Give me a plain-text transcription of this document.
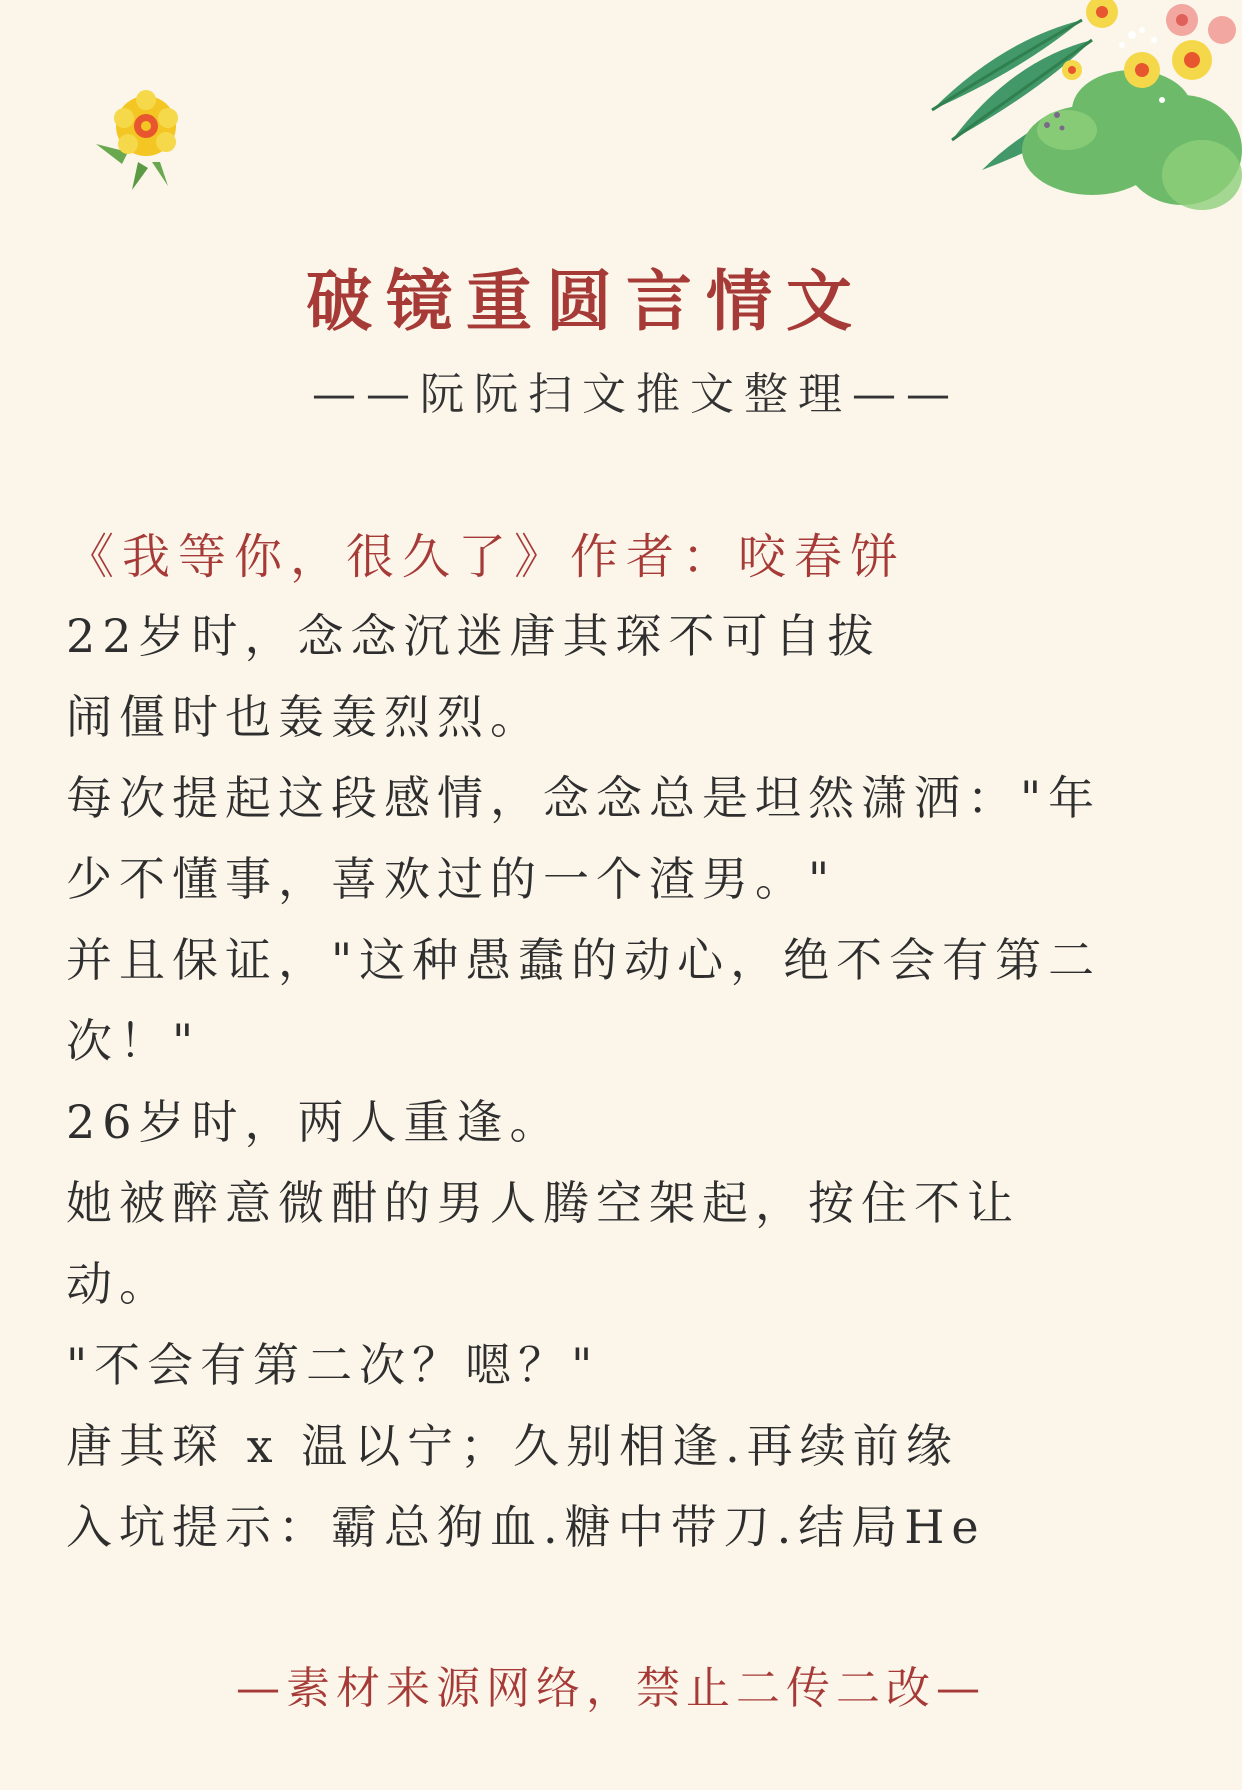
破镜重圆言情文
——阮阮扫文推文整理——
《我等你，很久了》作者：咬春饼
22岁时，念念沉迷唐其琛不可自拔
闹僵时也轰轰烈烈。
每次提起这段感情，念念总是坦然潇洒："年
少不懂事，喜欢过的一个渣男。"
并且保证，"这种愚蠢的动心，绝不会有第二
次！"
26岁时，两人重逢。
她被醉意微酣的男人腾空架起，按住不让
动。
"不会有第二次？嗯？"
唐其琛 x 温以宁；久别相逢.再续前缘
入坑提示：霸总狗血.糖中带刀.结局He
—素材来源网络，禁止二传二改—
